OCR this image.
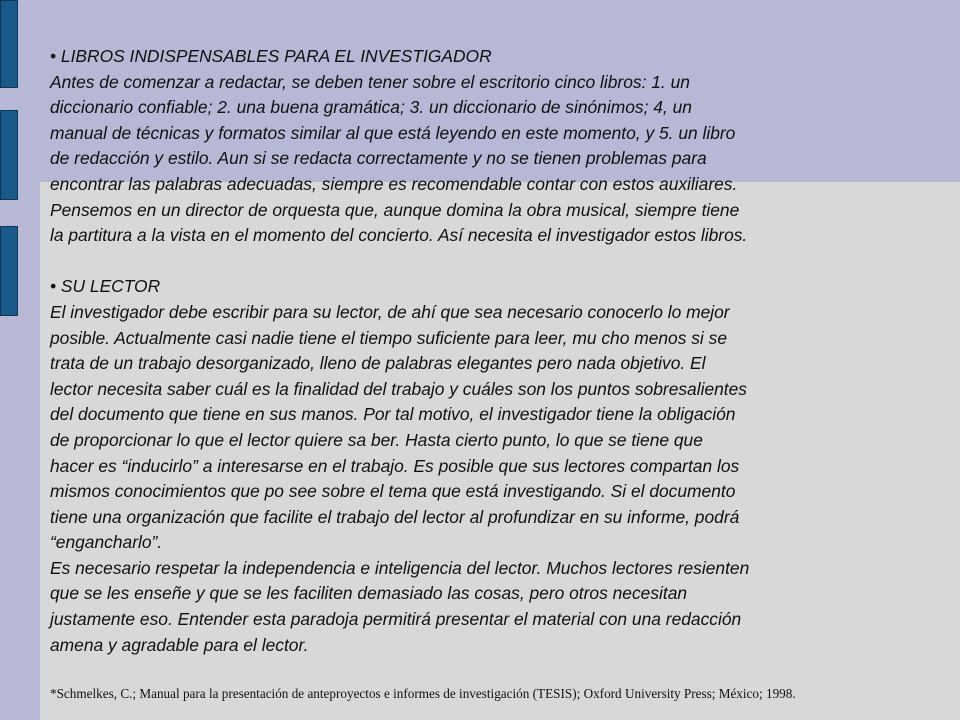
• LIBROS INDISPENSABLES PARA EL INVESTIGADOR

Antes de comenzar a redactar, se deben tener sobre el escritorio cinco libros: 1. un
diccionario confiable; 2. una buena gramática; 3. un diccionario de sinónimos; 4, un
manual de técnicas y formatos similar al que está leyendo en este momento, y 5. un libro
de redacción y estilo. Aun si se redacta correctamente y no se tienen problemas para
encontrar las palabras adecuadas, siempre es recomendable contar con estos auxiliares.
Pensemos en un director de orquesta que, aunque domina la obra musical, siempre tiene
la partitura a la vista en el momento del concierto. Así necesita el investigador estos libros.

• SU LECTOR

El investigador debe escribir para su lector, de ahí que sea necesario conocerlo lo mejor
posible. Actualmente casi nadie tiene el tiempo suficiente para leer, mu cho menos si se
trata de un trabajo desorganizado, lleno de palabras elegantes pero nada objetivo. El
lector necesita saber cuál es la finalidad del trabajo y cuáles son los puntos sobresalientes
del documento que tiene en sus manos. Por tal motivo, el investigador tiene la obligación
de proporcionar lo que el lector quiere sa ber. Hasta cierto punto, lo que se tiene que
hacer es “inducirlo” a interesarse en el trabajo. Es posible que sus lectores compartan los
mismos conocimientos que po see sobre el tema que está investigando. Si el documento
tiene una organización que facilite el trabajo del lector al profundizar en su informe, podrá
“engancharlo”.

Es necesario respetar la independencia e inteligencia del lector. Muchos lectores resienten
que se les enseñe y que se les faciliten demasiado las cosas, pero otros necesitan
justamente eso. Entender esta paradoja permitirá presentar el material con una redacción
amena y agradable para el lector.

*Schmelkes, C.; Manual para la presentación de anteproyectos e informes de investigación (TESIS); Oxford University Press; México; 1998.
